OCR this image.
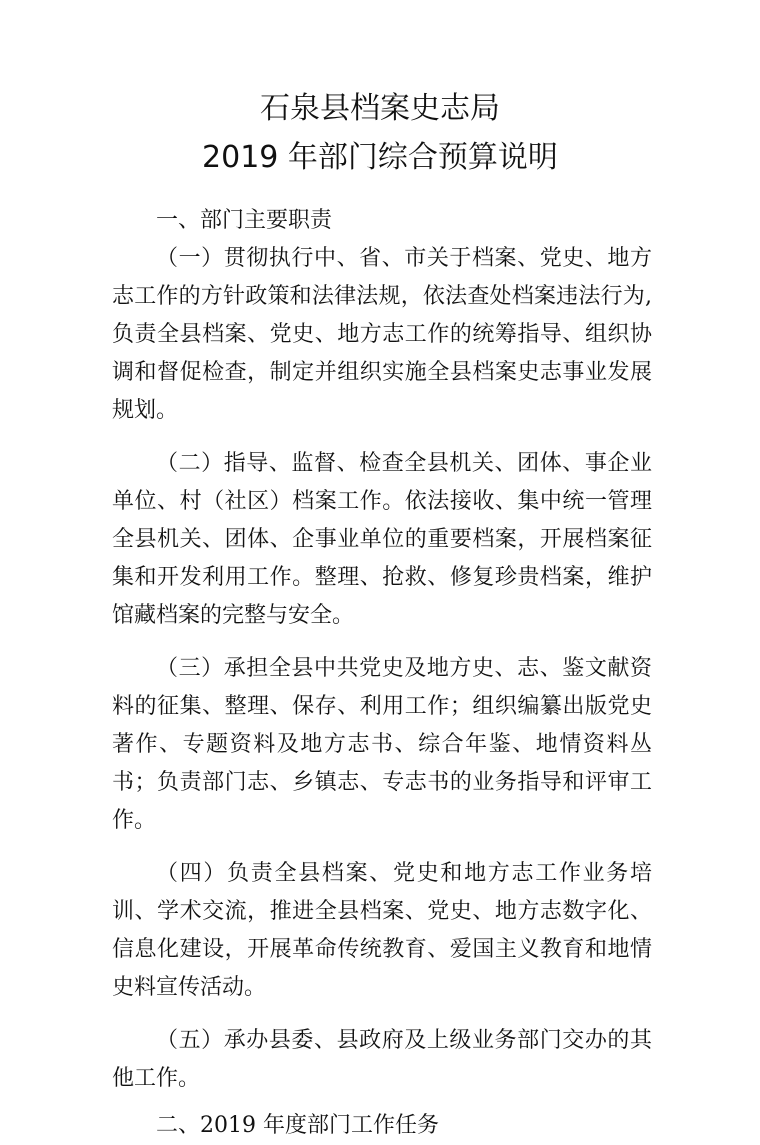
石泉县档案史志局
2019 年部门综合预算说明
一、部门主要职责

（一）贯彻执行中、省、市关于档案、党史、地方志工作的方针政策和法律法规，依法查处档案违法行为,负责全县档案、党史、地方志工作的统筹指导、组织协调和督促检查，制定并组织实施全县档案史志事业发展规划。

（二）指导、监督、检查全县机关、团体、事企业单位、村（社区）档案工作。依法接收、集中统一管理全县机关、团体、企事业单位的重要档案，开展档案征集和开发利用工作。整理、抢救、修复珍贵档案，维护馆藏档案的完整与安全。

（三）承担全县中共党史及地方史、志、鉴文献资料的征集、整理、保存、利用工作；组织编纂出版党史著作、专题资料及地方志书、综合年鉴、地情资料丛书；负责部门志、乡镇志、专志书的业务指导和评审工作。

（四）负责全县档案、党史和地方志工作业务培训、学术交流，推进全县档案、党史、地方志数字化、信息化建设，开展革命传统教育、爱国主义教育和地情史料宣传活动。

（五）承办县委、县政府及上级业务部门交办的其他工作。

二、2019 年度部门工作任务
